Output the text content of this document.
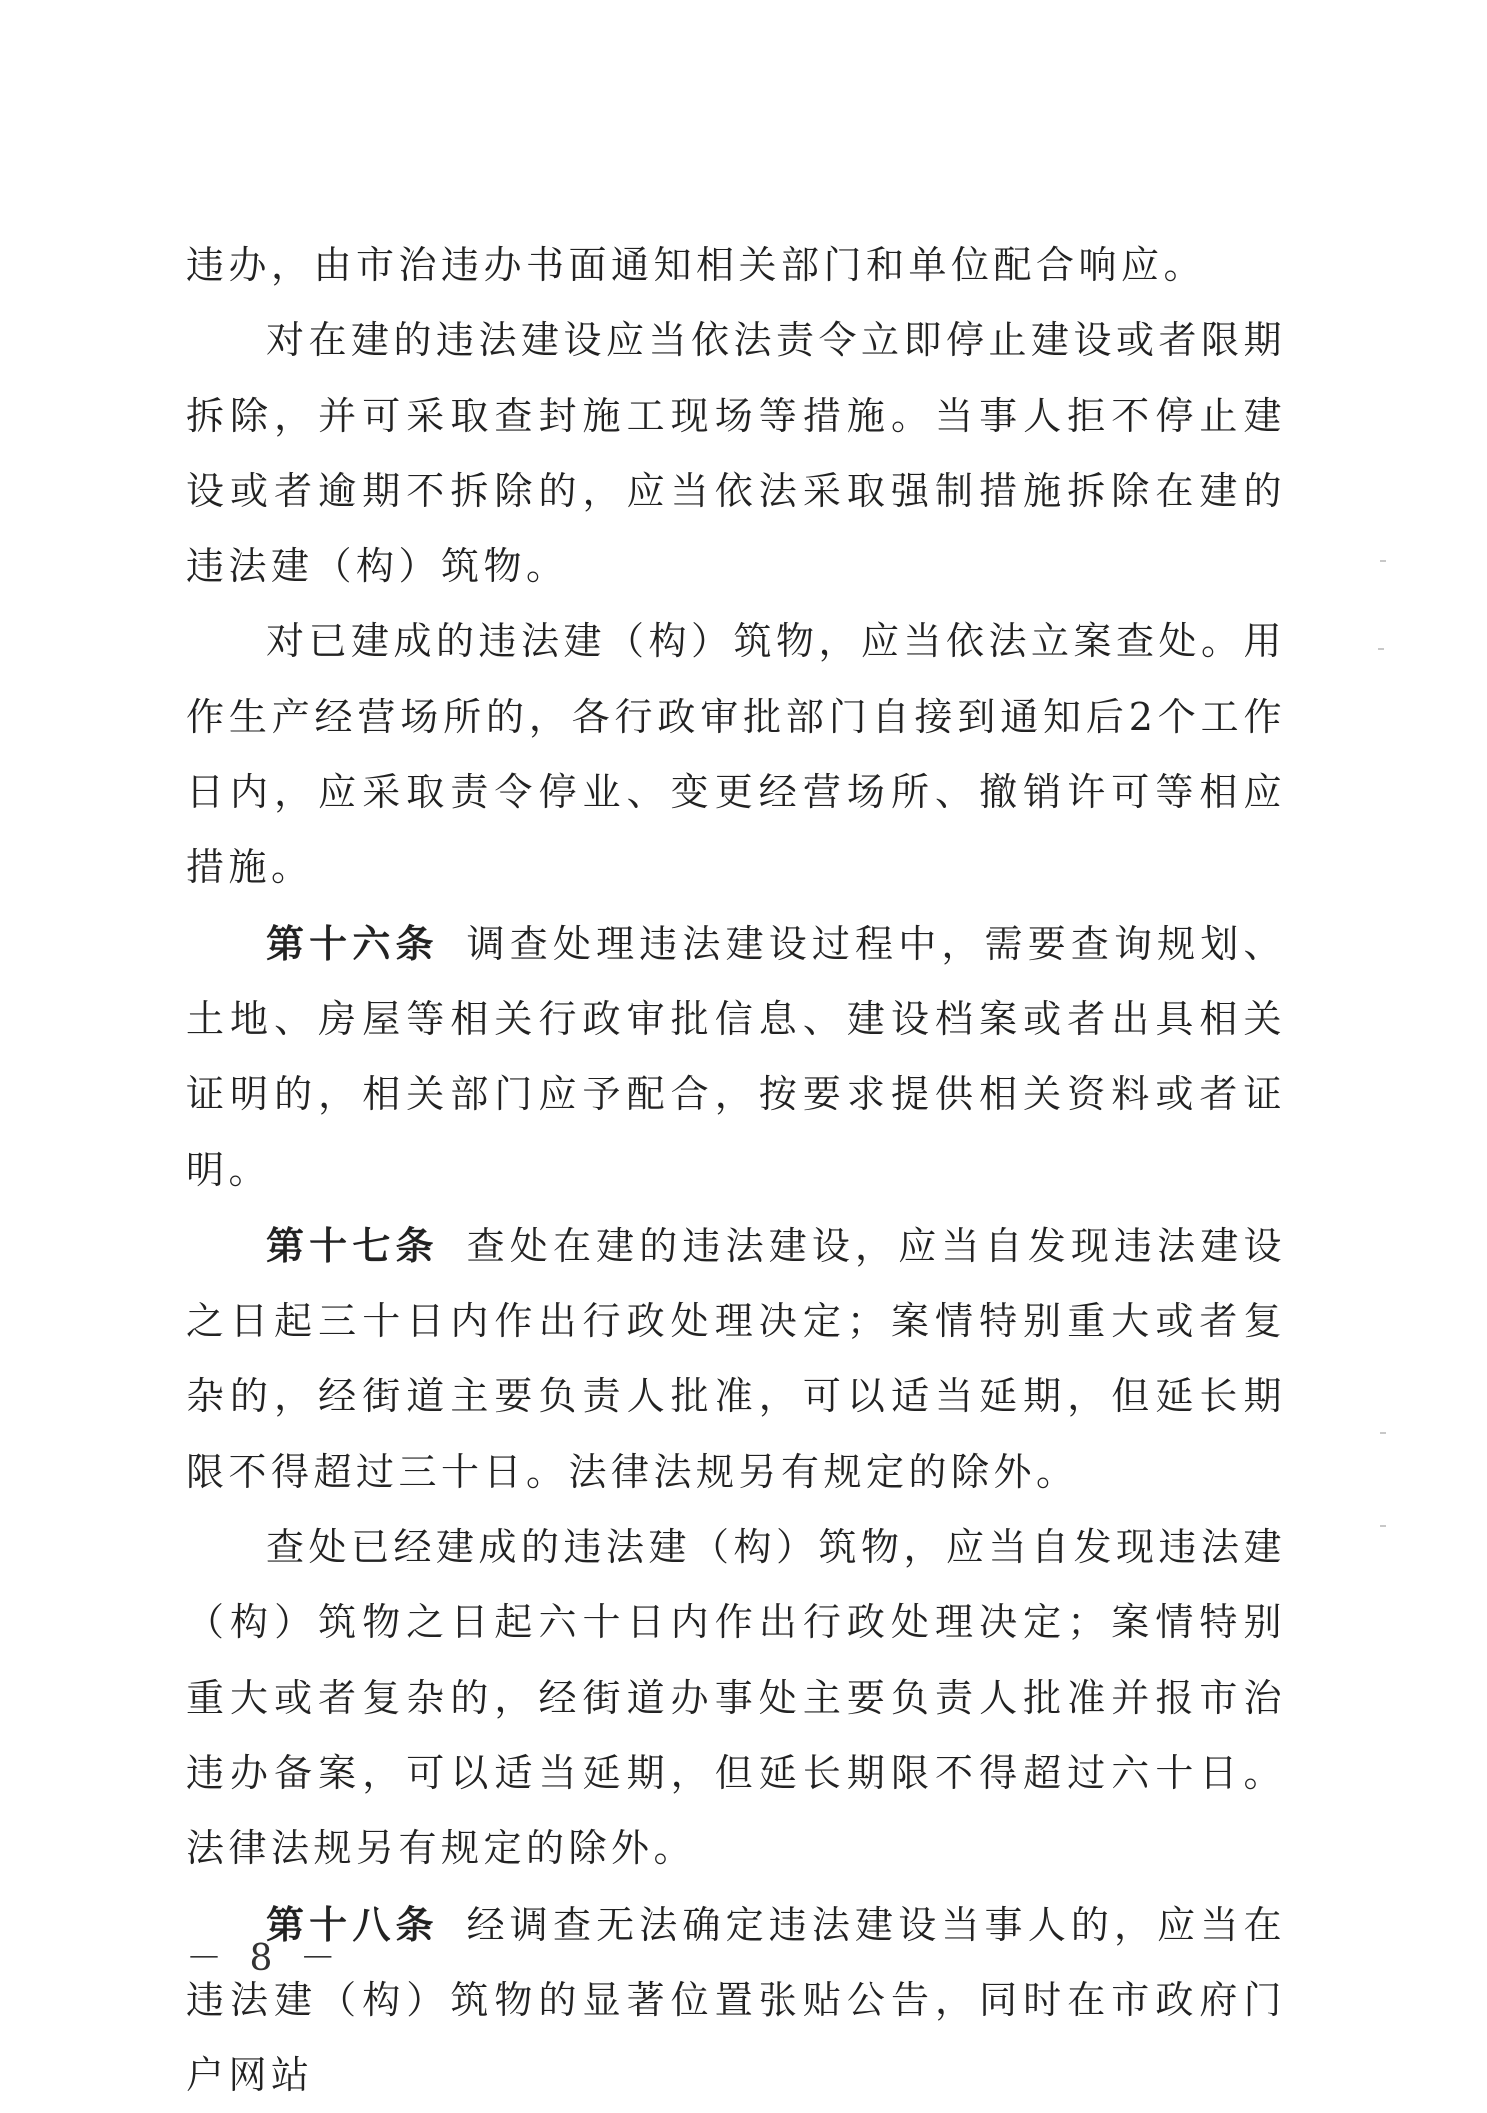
违办，由市治违办书面通知相关部门和单位配合响应。

对在建的违法建设应当依法责令立即停止建设或者限期拆除，并可采取查封施工现场等措施。当事人拒不停止建设或者逾期不拆除的，应当依法采取强制措施拆除在建的违法建（构）筑物。

对已建成的违法建（构）筑物，应当依法立案查处。用作生产经营场所的，各行政审批部门自接到通知后2个工作日内，应采取责令停业、变更经营场所、撤销许可等相应措施。

第十六条 调查处理违法建设过程中，需要查询规划、土地、房屋等相关行政审批信息、建设档案或者出具相关证明的，相关部门应予配合，按要求提供相关资料或者证明。

第十七条 查处在建的违法建设，应当自发现违法建设之日起三十日内作出行政处理决定；案情特别重大或者复杂的，经街道主要负责人批准，可以适当延期，但延长期限不得超过三十日。法律法规另有规定的除外。

查处已经建成的违法建（构）筑物，应当自发现违法建（构）筑物之日起六十日内作出行政处理决定；案情特别重大或者复杂的，经街道办事处主要负责人批准并报市治违办备案，可以适当延期，但延长期限不得超过六十日。法律法规另有规定的除外。

第十八条 经调查无法确定违法建设当事人的，应当在违法建（构）筑物的显著位置张贴公告，同时在市政府门户网站

－ 8 －
